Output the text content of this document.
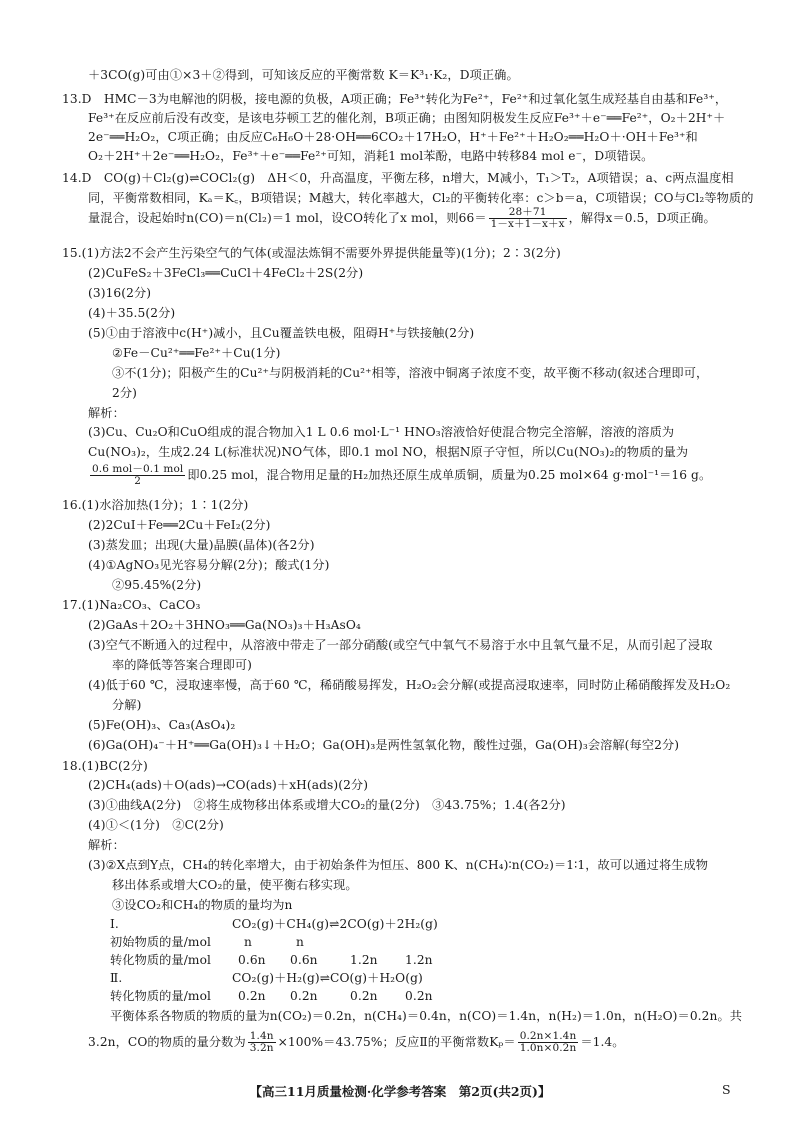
＋3CO(g)可由①×3＋②得到，可知该反应的平衡常数 K＝K³₁·K₂，D项正确。
13.D　HMC－3为电解池的阴极，接电源的负极，A项正确；Fe³⁺转化为Fe²⁺，Fe²⁺和过氧化氢生成羟基自由基和Fe³⁺，
Fe³⁺在反应前后没有改变，是该电芬顿工艺的催化剂，B项正确；由图知阴极发生反应Fe³⁺＋e⁻══Fe²⁺，O₂＋2H⁺＋
2e⁻══H₂O₂，C项正确；由反应C₆H₆O＋28·OH══6CO₂＋17H₂O，H⁺＋Fe²⁺＋H₂O₂══H₂O＋·OH＋Fe³⁺和
O₂＋2H⁺＋2e⁻══H₂O₂，Fe³⁺＋e⁻══Fe²⁺可知，消耗1 mol苯酚，电路中转移84 mol e⁻，D项错误。
14.D　CO(g)＋Cl₂(g)⇌COCl₂(g)　ΔH＜0，升高温度，平衡左移，n增大，M减小，T₁＞T₂，A项错误；a、c两点温度相
同，平衡常数相同，Kₐ＝K꜀，B项错误；M越大，转化率越大，Cl₂的平衡转化率：c＞b＝a，C项错误；CO与Cl₂等物质的
量混合，设起始时n(CO)＝n(Cl₂)＝1 mol，设CO转化了x mol，则$66= \frac{28+71}{1-x+1-x+x}$ ，解得x＝0.5，D项正确。
15.(1)方法2不会产生污染空气的气体(或湿法炼铜不需要外界提供能量等)(1分)；2∶3(2分)
(2)CuFeS₂＋3FeCl₃══CuCl＋4FeCl₂＋2S(2分)
(3)16(2分)
(4)＋35.5(2分)
(5)①由于溶液中c(H⁺)减小，且Cu覆盖铁电极，阻碍H⁺与铁接触(2分)
②Fe－Cu²⁺══Fe²⁺＋Cu(1分)
③不(1分)；阳极产生的Cu²⁺与阴极消耗的Cu²⁺相等，溶液中铜离子浓度不变，故平衡不移动(叙述合理即可，
2分)
解析：
(3)Cu、Cu₂O和CuO组成的混合物加入1 L 0.6 mol·L⁻¹ HNO₃溶液恰好使混合物完全溶解，溶液的溶质为
Cu(NO₃)₂，生成2.24 L(标准状况)NO气体，即0.1 mol NO，根据N原子守恒，所以Cu(NO₃)₂的物质的量为
$\frac{\text{0.6 mol－0.1 mol}}{2}$ 即0.25 mol，混合物用足量的H₂加热还原生成单质铜，质量为0.25 mol×64 g·mol⁻¹＝16 g。
16.(1)水浴加热(1分)；1∶1(2分)
(2)2CuI＋Fe══2Cu＋FeI₂(2分)
(3)蒸发皿；出现(大量)晶膜(晶体)(各2分)
(4)①AgNO₃见光容易分解(2分)；酸式(1分)
②95.45%(2分)
17.(1)Na₂CO₃、CaCO₃
(2)GaAs＋2O₂＋3HNO₃══Ga(NO₃)₃＋H₃AsO₄
(3)空气不断通入的过程中，从溶液中带走了一部分硝酸(或空气中氧气不易溶于水中且氧气量不足，从而引起了浸取
率的降低等答案合理即可)
(4)低于60 ℃，浸取速率慢，高于60 ℃，稀硝酸易挥发，H₂O₂会分解(或提高浸取速率，同时防止稀硝酸挥发及H₂O₂
分解)
(5)Fe(OH)₃、Ca₃(AsO₄)₂
(6)Ga(OH)₄⁻＋H⁺══Ga(OH)₃↓＋H₂O；Ga(OH)₃是两性氢氧化物，酸性过强，Ga(OH)₃会溶解(每空2分)
18.(1)BC(2分)
(2)CH₄(ads)＋O(ads)→CO(ads)＋xH(ads)(2分)
(3)①曲线A(2分)　②将生成物移出体系或增大CO₂的量(2分)　③43.75%；1.4(各2分)
(4)①＜(1分)　②C(2分)
解析：
(3)②X点到Y点，CH₄的转化率增大，由于初始条件为恒压、800 K、n(CH₄)∶n(CO₂)＝1∶1，故可以通过将生成物
移出体系或增大CO₂的量，使平衡右移实现。
③设CO₂和CH₄的物质的量均为n
Ⅰ.	CO₂(g)＋CH₄(g)⇌2CO(g)＋2H₂(g)
初始物质的量/mol	n	n
转化物质的量/mol 0.6n 0.6n	1.2n 1.2n
Ⅱ.	CO₂(g)＋H₂(g)⇌CO(g)＋H₂O(g)
转化物质的量/mol 0.2n 0.2n	0.2n 0.2n
平衡体系各物质的物质的量为n(CO₂)＝0.2n，n(CH₄)＝0.4n，n(CO)＝1.4n，n(H₂)＝1.0n，n(H₂O)＝0.2n。共
3.2n，CO的物质的量分数为 $\frac{1.4n}{3.2n} \times 100\%=43.75\%$；反应Ⅱ的平衡常数$K_p= \frac{0.2n\times 1.4n}{1.0n\times 0.2n} =1.4$。
【高三11月质量检测·化学参考答案　第2页(共2页)】	S
